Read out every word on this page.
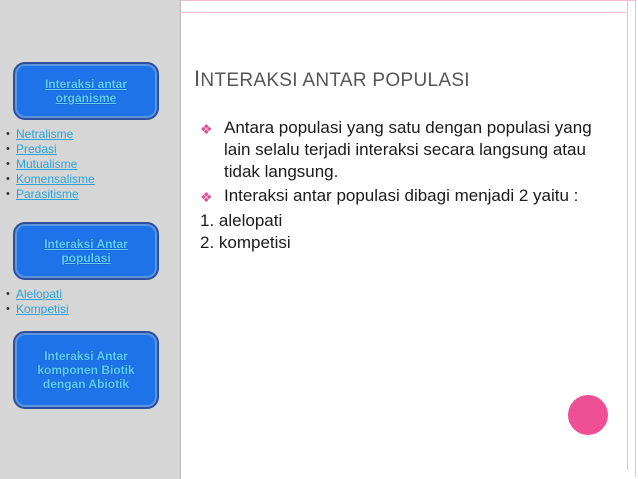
Interaksi antar organisme
• Netralisme
• Predasi
• Mutualisme
• Komensalisme
• Parasitisme
Interaksi Antar populasi
• Alelopati
• Kompetisi
Interaksi Antar komponen Biotik dengan Abiotik
INTERAKSI ANTAR POPULASI
❖ Antara populasi yang satu dengan populasi yang lain selalu terjadi interaksi secara langsung atau tidak langsung.
❖ Interaksi antar populasi dibagi menjadi 2 yaitu :
1. alelopati
2. kompetisi
